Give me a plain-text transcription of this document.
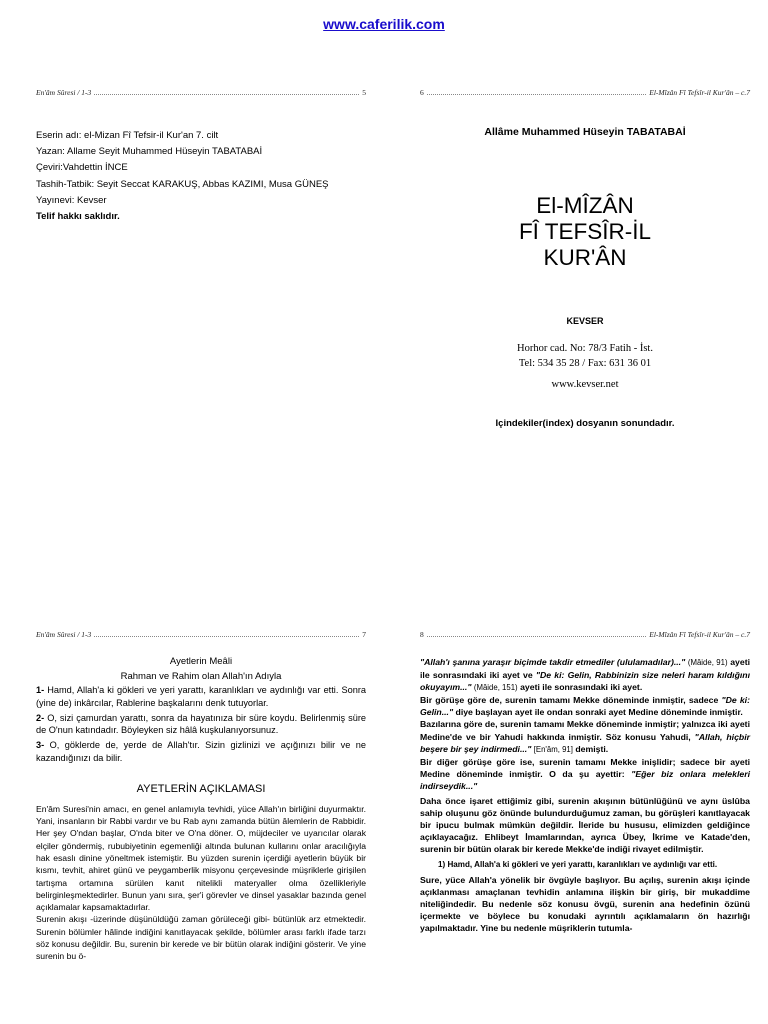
www.caferilik.com
En'âm Sûresi / 1-3	5
Eserin adı: el-Mizan Fî Tefsir-il Kur'an 7. cilt
Yazan: Allame Seyit Muhammed Hüseyin TABATABAİ
Çeviri:Vahdettin İNCE
Tashih-Tatbik: Seyit Seccat KARAKUŞ, Abbas KAZIMI, Musa GÜNEŞ
Yayınevi: Kevser
Telif hakkı saklıdır.
6	El-Mîzân Fî Tefsîr-il Kur'ân – c.7
Allâme Muhammed Hüseyin TABATABAİ
El-MÎZÂN
FÎ TEFSÎR-İL
KUR'ÂN
KEVSER
Horhor cad. No: 78/3 Fatih - İst.
Tel: 534 35 28 / Fax: 631 36 01
www.kevser.net
Içindekiler(index) dosyanın sonundadır.
En'âm Sûresi / 1-3	7
Ayetlerin Meâli
Rahman ve Rahim olan Allah'ın Adıyla
1- Hamd, Allah'a ki gökleri ve yeri yarattı, karanlıkları ve aydınlığı var etti. Sonra (yine de) inkârcılar, Rablerine başkalarını denk tutuyorlar.
2- O, sizi çamurdan yarattı, sonra da hayatınıza bir süre koydu. Belirlenmiş süre de O'nun katındadır. Böyleyken siz hâlâ kuşkulanıyorsunuz.
3- O, göklerde de, yerde de Allah'tır. Sizin gizlinizi ve açığınızı bilir ve ne kazandığınızı da bilir.
AYETLERİN AÇIKLAMASI

En'âm Suresi'nin amacı, en genel anlamıyla tevhidi, yüce Allah'ın birliğini duyurmaktır. Yani, insanların bir Rabbi vardır ve bu Rab aynı zamanda bütün âlemlerin de Rabbidir. Her şey O'ndan başlar, O'nda biter ve O'na döner. O, müjdeciler ve uyarıcılar olarak elçiler göndermiş, rububiyetinin egemenliği altında bulunan kullarını onlar aracılığıyla hak esaslı dinine yöneltmek istemiştir. Bu yüzden surenin içerdiği ayetlerin büyük bir kısmı, tevhit, ahiret günü ve peygamberlik misyonu çerçevesinde müşriklerle girişilen tartışma ortamına sürülen kanıt nitelikli materyaller olma özellikleriyle belirginleşmektedirler. Bunun yanı sıra, şer'i görevler ve dinsel yasaklar bazında genel açıklamalar kapsamaktadırlar.

Surenin akışı -üzerinde düşünüldüğü zaman görüleceği gibi- bütünlük arz etmektedir. Surenin bölümler hâlinde indiğini kanıtlayacak şekilde, bölümler arası farklı ifade tarzı söz konusu değildir. Bu, surenin bir kerede ve bir bütün olarak indiğini gösterir. Ve yine surenin bu ö-

8	El-Mîzân Fî Tefsîr-il Kur'ân – c.7

"Allah'ı şanına yaraşır biçimde takdir etmediler (ululamadılar)..." (Mâide, 91) ayeti ile sonrasındaki iki ayet ve "De ki: Gelin, Rabbinizin size neleri haram kıldığını okuyayım..." (Mâide, 151) ayeti ile sonrasındaki iki ayet.

Bir görüşe göre de, surenin tamamı Mekke döneminde inmiştir, sadece "De ki: Gelin..." diye başlayan ayet ile ondan sonraki ayet Medine döneminde inmiştir.

Bazılarına göre de, surenin tamamı Mekke döneminde inmiştir; yalnızca iki ayeti Medine'de ve bir Yahudi hakkında inmiştir. Söz konusu Yahudi, "Allah, hiçbir beşere bir şey indirmedi..." [En'âm, 91] demişti.

Bir diğer görüşe göre ise, surenin tamamı Mekke inişlidir; sadece bir ayeti Medine döneminde inmiştir. O da şu ayettir: "Eğer biz onlara melekleri indirseydik..."

Daha önce işaret ettiğimiz gibi, surenin akışının bütünlüğünü ve aynı üslûba sahip oluşunu göz önünde bulundurduğumuz zaman, bu görüşleri kanıtlayacak bir ipucu bulmak mümkün değildir. İleride bu hususu, elimizden geldiğince açıklayacağız. Ehlibeyt İmamlarından, ayrıca Übey, İkrime ve Katade'den, surenin bir bütün olarak bir kerede Mekke'de indiği rivayet edilmiştir.

1) Hamd, Allah'a ki gökleri ve yeri yarattı, karanlıkları ve aydınlığı var etti.

Sure, yüce Allah'a yönelik bir övgüyle başlıyor. Bu açılış, surenin akışı içinde açıklanması amaçlanan tevhidin anlamına ilişkin bir giriş, bir mukaddime niteliğindedir. Bu nedenle söz konusu övgü, surenin ana hedefinin özünü içermekte ve böylece bu konudaki ayrıntılı açıklamaların ön hazırlığı yapılmaktadır. Yine bu nedenle müşriklerin tutumla-
